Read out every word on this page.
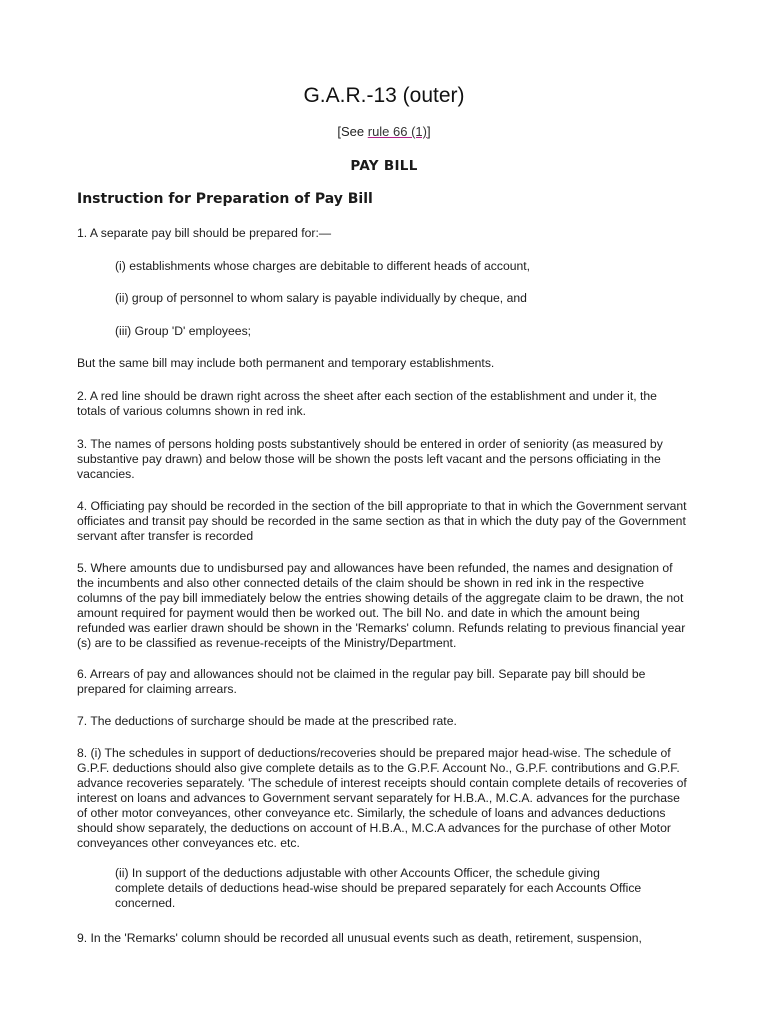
G.A.R.-13 (outer)
[See rule 66 (1)]
PAY BILL
Instruction for Preparation of Pay Bill
1. A separate pay bill should be prepared for:—
(i) establishments whose charges are debitable to different heads of account,
(ii) group of personnel to whom salary is payable individually by cheque, and
(iii) Group 'D' employees;
But the same bill may include both permanent and temporary establishments.
2. A red line should be drawn right across the sheet after each section of the establishment and under it, the totals of various columns shown in red ink.
3. The names of persons holding posts substantively should be entered in order of seniority (as measured by substantive pay drawn) and below those will be shown the posts left vacant and the persons officiating in the vacancies.
4. Officiating pay should be recorded in the section of the bill appropriate to that in which the Government servant officiates and transit pay should be recorded in the same section as that in which the duty pay of the Government servant after transfer is recorded
5. Where amounts due to undisbursed pay and allowances have been refunded, the names and designation of the incumbents and also other connected details of the claim should be shown in red ink in the respective columns of the pay bill immediately below the entries showing details of the aggregate claim to be drawn, the not amount required for payment would then be worked out. The bill No. and date in which the amount being refunded was earlier drawn should be shown in the 'Remarks' column. Refunds relating to previous financial year (s) are to be classified as revenue-receipts of the Ministry/Department.
6. Arrears of pay and allowances should not be claimed in the regular pay bill. Separate pay bill should be prepared for claiming arrears.
7. The deductions of surcharge should be made at the prescribed rate.
8. (i) The schedules in support of deductions/recoveries should be prepared major head-wise. The schedule of G.P.F. deductions should also give complete details as to the G.P.F. Account No., G.P.F. contributions and G.P.F. advance recoveries separately. 'The schedule of interest receipts should contain complete details of recoveries of interest on loans and advances to Government servant separately for H.B.A., M.C.A. advances for the purchase of other motor conveyances, other conveyance etc. Similarly, the schedule of loans and advances deductions should show separately, the deductions on account of H.B.A., M.C.A advances for the purchase of other Motor conveyances other conveyances etc. etc.
(ii) In support of the deductions adjustable with other Accounts Officer, the schedule giving complete details of deductions head-wise should be prepared separately for each Accounts Office concerned.
9. In the 'Remarks' column should be recorded all unusual events such as death, retirement, suspension,
